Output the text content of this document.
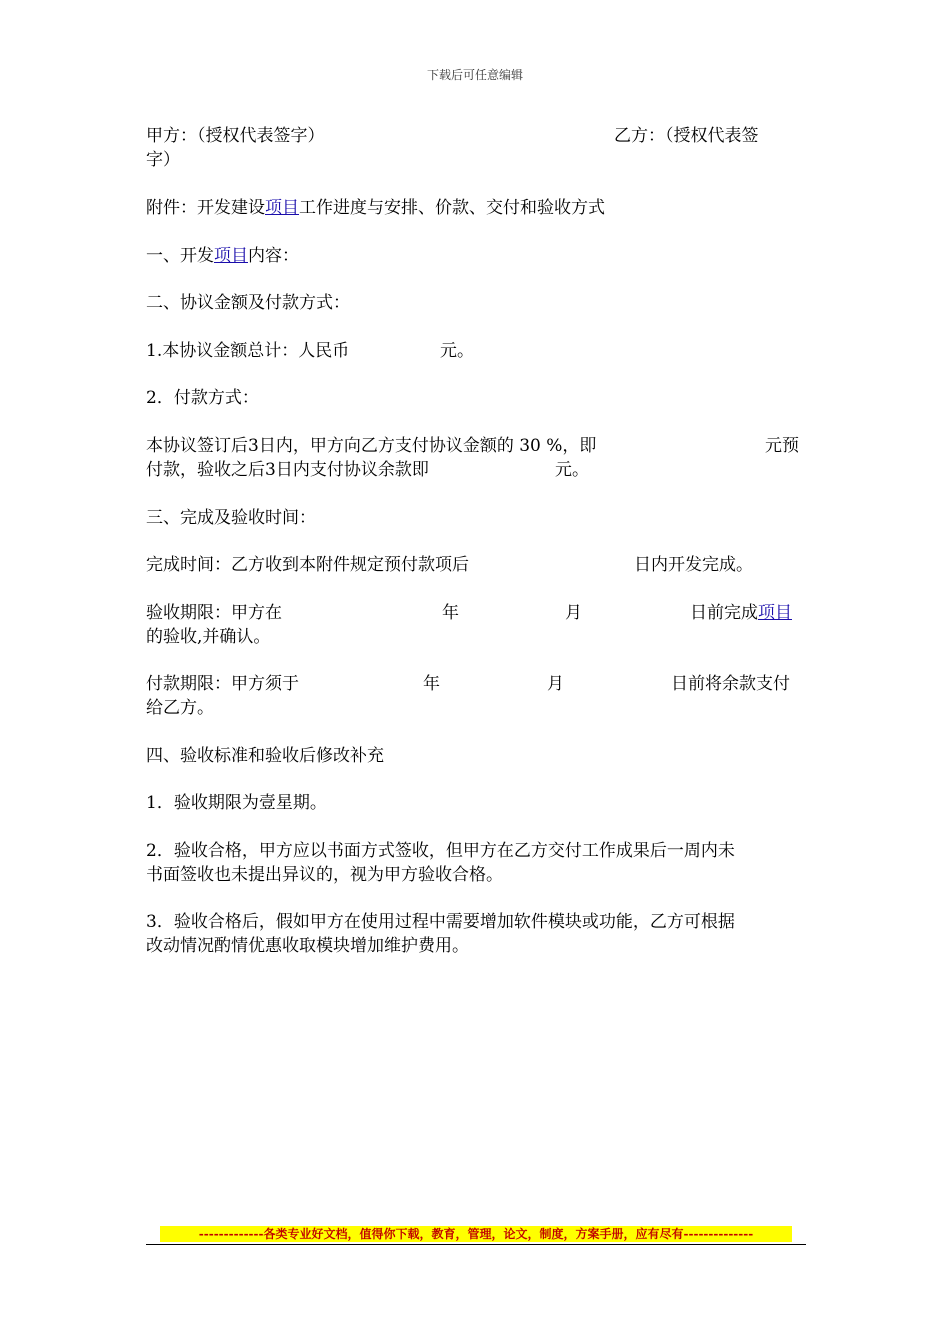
下载后可任意编辑
甲方：（授权代表签字）	乙方：（授权代表签
字）
附件：开发建设项目工作进度与安排、价款、交付和验收方式
一、开发项目内容：
二、协议金额及付款方式：
1.本协议金额总计：人民币	元。
2．付款方式：
本协议签订后3日内，甲方向乙方支付协议金额的 30 %，即	元预
付款，验收之后3日内支付协议余款即	元。
三、完成及验收时间：
完成时间：乙方收到本附件规定预付款项后	日内开发完成。
验收期限：甲方在	年	月	日前完成项目
的验收,并确认。
付款期限：甲方须于	年	月	日前将余款支付
给乙方。
四、验收标准和验收后修改补充
1．验收期限为壹星期。
2．验收合格，甲方应以书面方式签收，但甲方在乙方交付工作成果后一周内未
书面签收也未提出异议的，视为甲方验收合格。
3．验收合格后，假如甲方在使用过程中需要增加软件模块或功能，乙方可根据
改动情况酌情优惠收取模块增加维护费用。
-------------各类专业好文档，值得你下载，教育，管理，论文，制度，方案手册，应有尽有--------------
